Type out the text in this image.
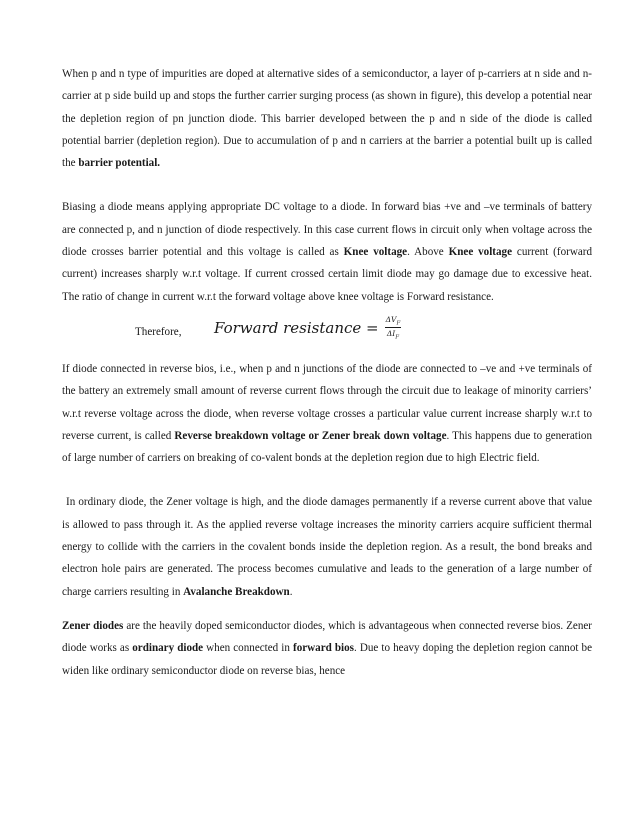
When p and n type of impurities are doped at alternative sides of a semiconductor, a layer of p-carriers at n side and n-carrier at p side build up and stops the further carrier surging process (as shown in figure), this develop a potential near the depletion region of pn junction diode. This barrier developed between the p and n side of the diode is called potential barrier (depletion region). Due to accumulation of p and n carriers at the barrier a potential built up is called the barrier potential.

Biasing a diode means applying appropriate DC voltage to a diode. In forward bias +ve and –ve terminals of battery are connected p, and n junction of diode respectively. In this case current flows in circuit only when voltage across the diode crosses barrier potential and this voltage is called as Knee voltage. Above Knee voltage current (forward current) increases sharply w.r.t voltage. If current crossed certain limit diode may go damage due to excessive heat. The ratio of change in current w.r.t the forward voltage above knee voltage is Forward resistance.

Therefore, Forward resistance = $\frac{\Delta V_F}{\Delta I_F}$

If diode connected in reverse bios, i.e., when p and n junctions of the diode are connected to –ve and +ve terminals of the battery an extremely small amount of reverse current flows through the circuit due to leakage of minority carriers’ w.r.t reverse voltage across the diode, when reverse voltage crosses a particular value current increase sharply w.r.t to reverse current, is called Reverse breakdown voltage or Zener break down voltage. This happens due to generation of large number of carriers on breaking of co-valent bonds at the depletion region due to high Electric field.

In ordinary diode, the Zener voltage is high, and the diode damages permanently if a reverse current above that value is allowed to pass through it. As the applied reverse voltage increases the minority carriers acquire sufficient thermal energy to collide with the carriers in the covalent bonds inside the depletion region. As a result, the bond breaks and electron hole pairs are generated. The process becomes cumulative and leads to the generation of a large number of charge carriers resulting in Avalanche Breakdown.

Zener diodes are the heavily doped semiconductor diodes, which is advantageous when connected reverse bios. Zener diode works as ordinary diode when connected in forward bios. Due to heavy doping the depletion region cannot be widen like ordinary semiconductor diode on reverse bias, hence
